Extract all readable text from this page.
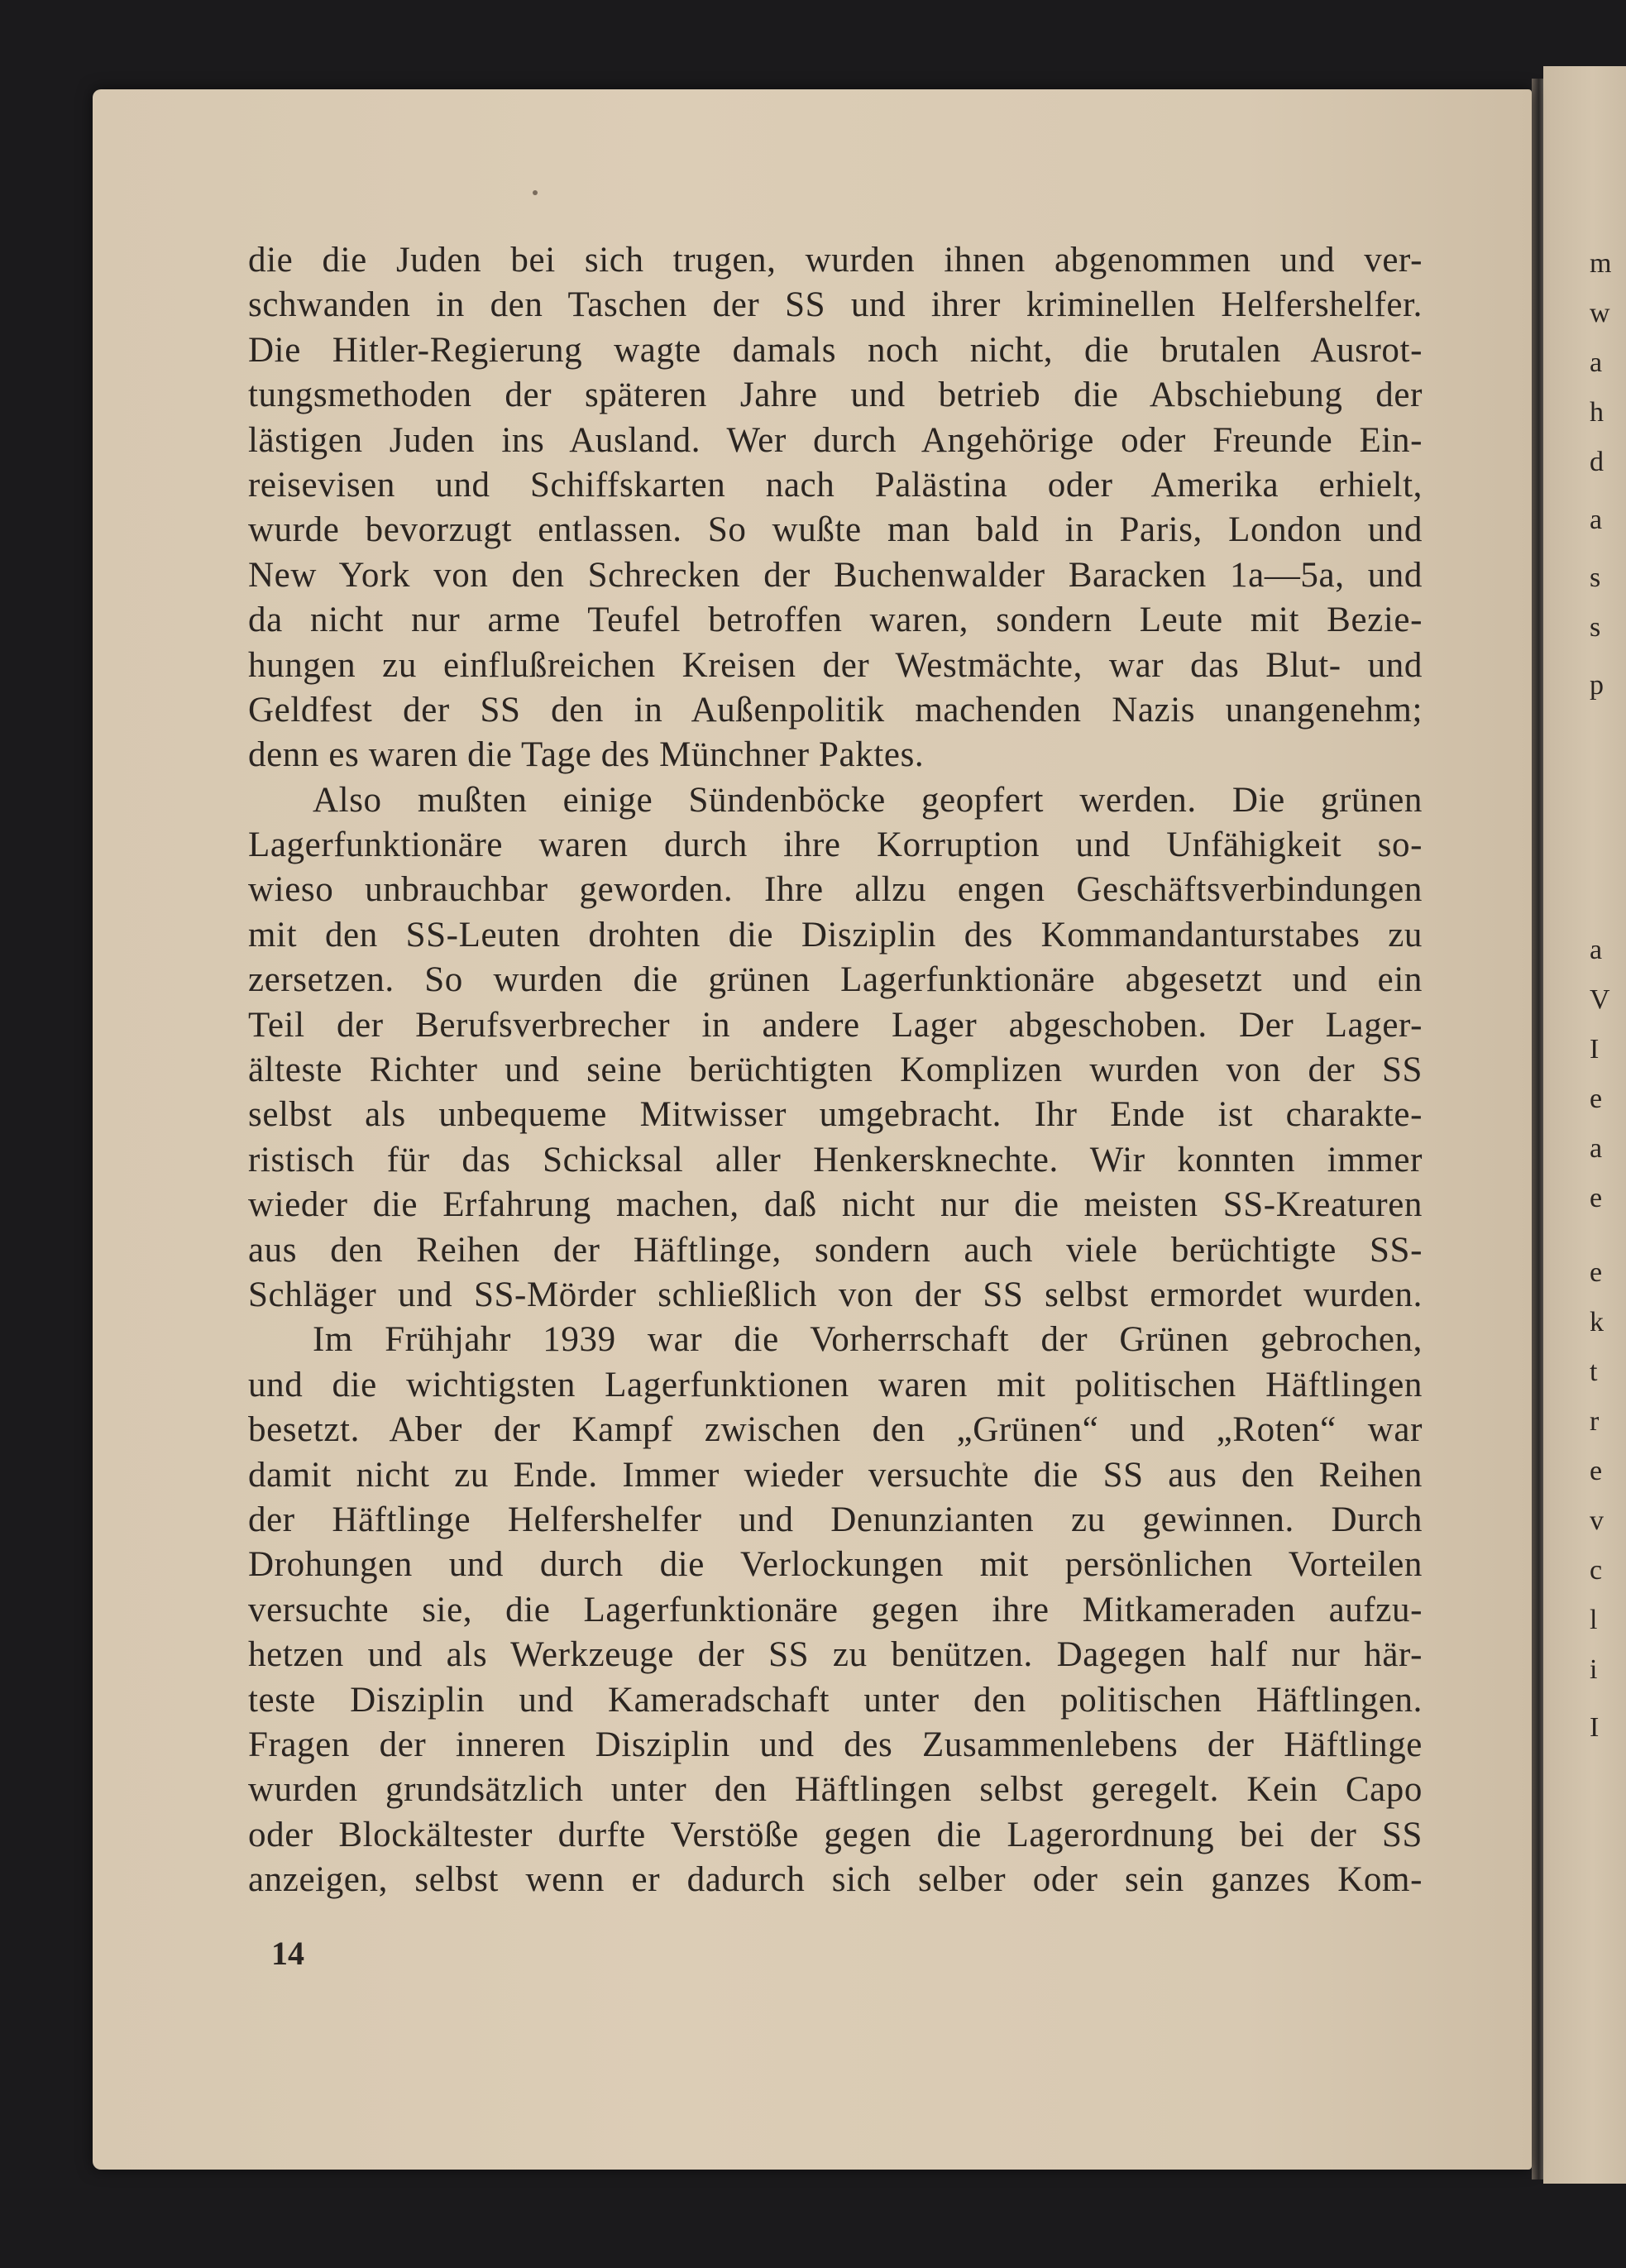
m
w
a
h
d
a
s
s
p
a
V
I
e
a
e
e
k
t
r
e
v
c
l
i
I
die die Juden bei sich trugen, wurden ihnen abgenommen und ver-
schwanden in den Taschen der SS und ihrer kriminellen Helfershelfer.
Die Hitler-Regierung wagte damals noch nicht, die brutalen Ausrot-
tungsmethoden der späteren Jahre und betrieb die Abschiebung der
lästigen Juden ins Ausland. Wer durch Angehörige oder Freunde Ein-
reisevisen und Schiffskarten nach Palästina oder Amerika erhielt,
wurde bevorzugt entlassen. So wußte man bald in Paris, London und
New York von den Schrecken der Buchenwalder Baracken 1a—5a, und
da nicht nur arme Teufel betroffen waren, sondern Leute mit Bezie-
hungen zu einflußreichen Kreisen der Westmächte, war das Blut- und
Geldfest der SS den in Außenpolitik machenden Nazis unangenehm;
denn es waren die Tage des Münchner Paktes.
Also mußten einige Sündenböcke geopfert werden. Die grünen
Lagerfunktionäre waren durch ihre Korruption und Unfähigkeit so-
wieso unbrauchbar geworden. Ihre allzu engen Geschäftsverbindungen
mit den SS-Leuten drohten die Disziplin des Kommandanturstabes zu
zersetzen. So wurden die grünen Lagerfunktionäre abgesetzt und ein
Teil der Berufsverbrecher in andere Lager abgeschoben. Der Lager-
älteste Richter und seine berüchtigten Komplizen wurden von der SS
selbst als unbequeme Mitwisser umgebracht. Ihr Ende ist charakte-
ristisch für das Schicksal aller Henkersknechte. Wir konnten immer
wieder die Erfahrung machen, daß nicht nur die meisten SS-Kreaturen
aus den Reihen der Häftlinge, sondern auch viele berüchtigte SS-
Schläger und SS-Mörder schließlich von der SS selbst ermordet wurden.
Im Frühjahr 1939 war die Vorherrschaft der Grünen gebrochen,
und die wichtigsten Lagerfunktionen waren mit politischen Häftlingen
besetzt. Aber der Kampf zwischen den „Grünen“ und „Roten“ war
damit nicht zu Ende. Immer wieder versuchte die SS aus den Reihen
der Häftlinge Helfershelfer und Denunzianten zu gewinnen. Durch
Drohungen und durch die Verlockungen mit persönlichen Vorteilen
versuchte sie, die Lagerfunktionäre gegen ihre Mitkameraden aufzu-
hetzen und als Werkzeuge der SS zu benützen. Dagegen half nur här-
teste Disziplin und Kameradschaft unter den politischen Häftlingen.
Fragen der inneren Disziplin und des Zusammenlebens der Häftlinge
wurden grundsätzlich unter den Häftlingen selbst geregelt. Kein Capo
oder Blockältester durfte Verstöße gegen die Lagerordnung bei der SS
anzeigen, selbst wenn er dadurch sich selber oder sein ganzes Kom-
14
